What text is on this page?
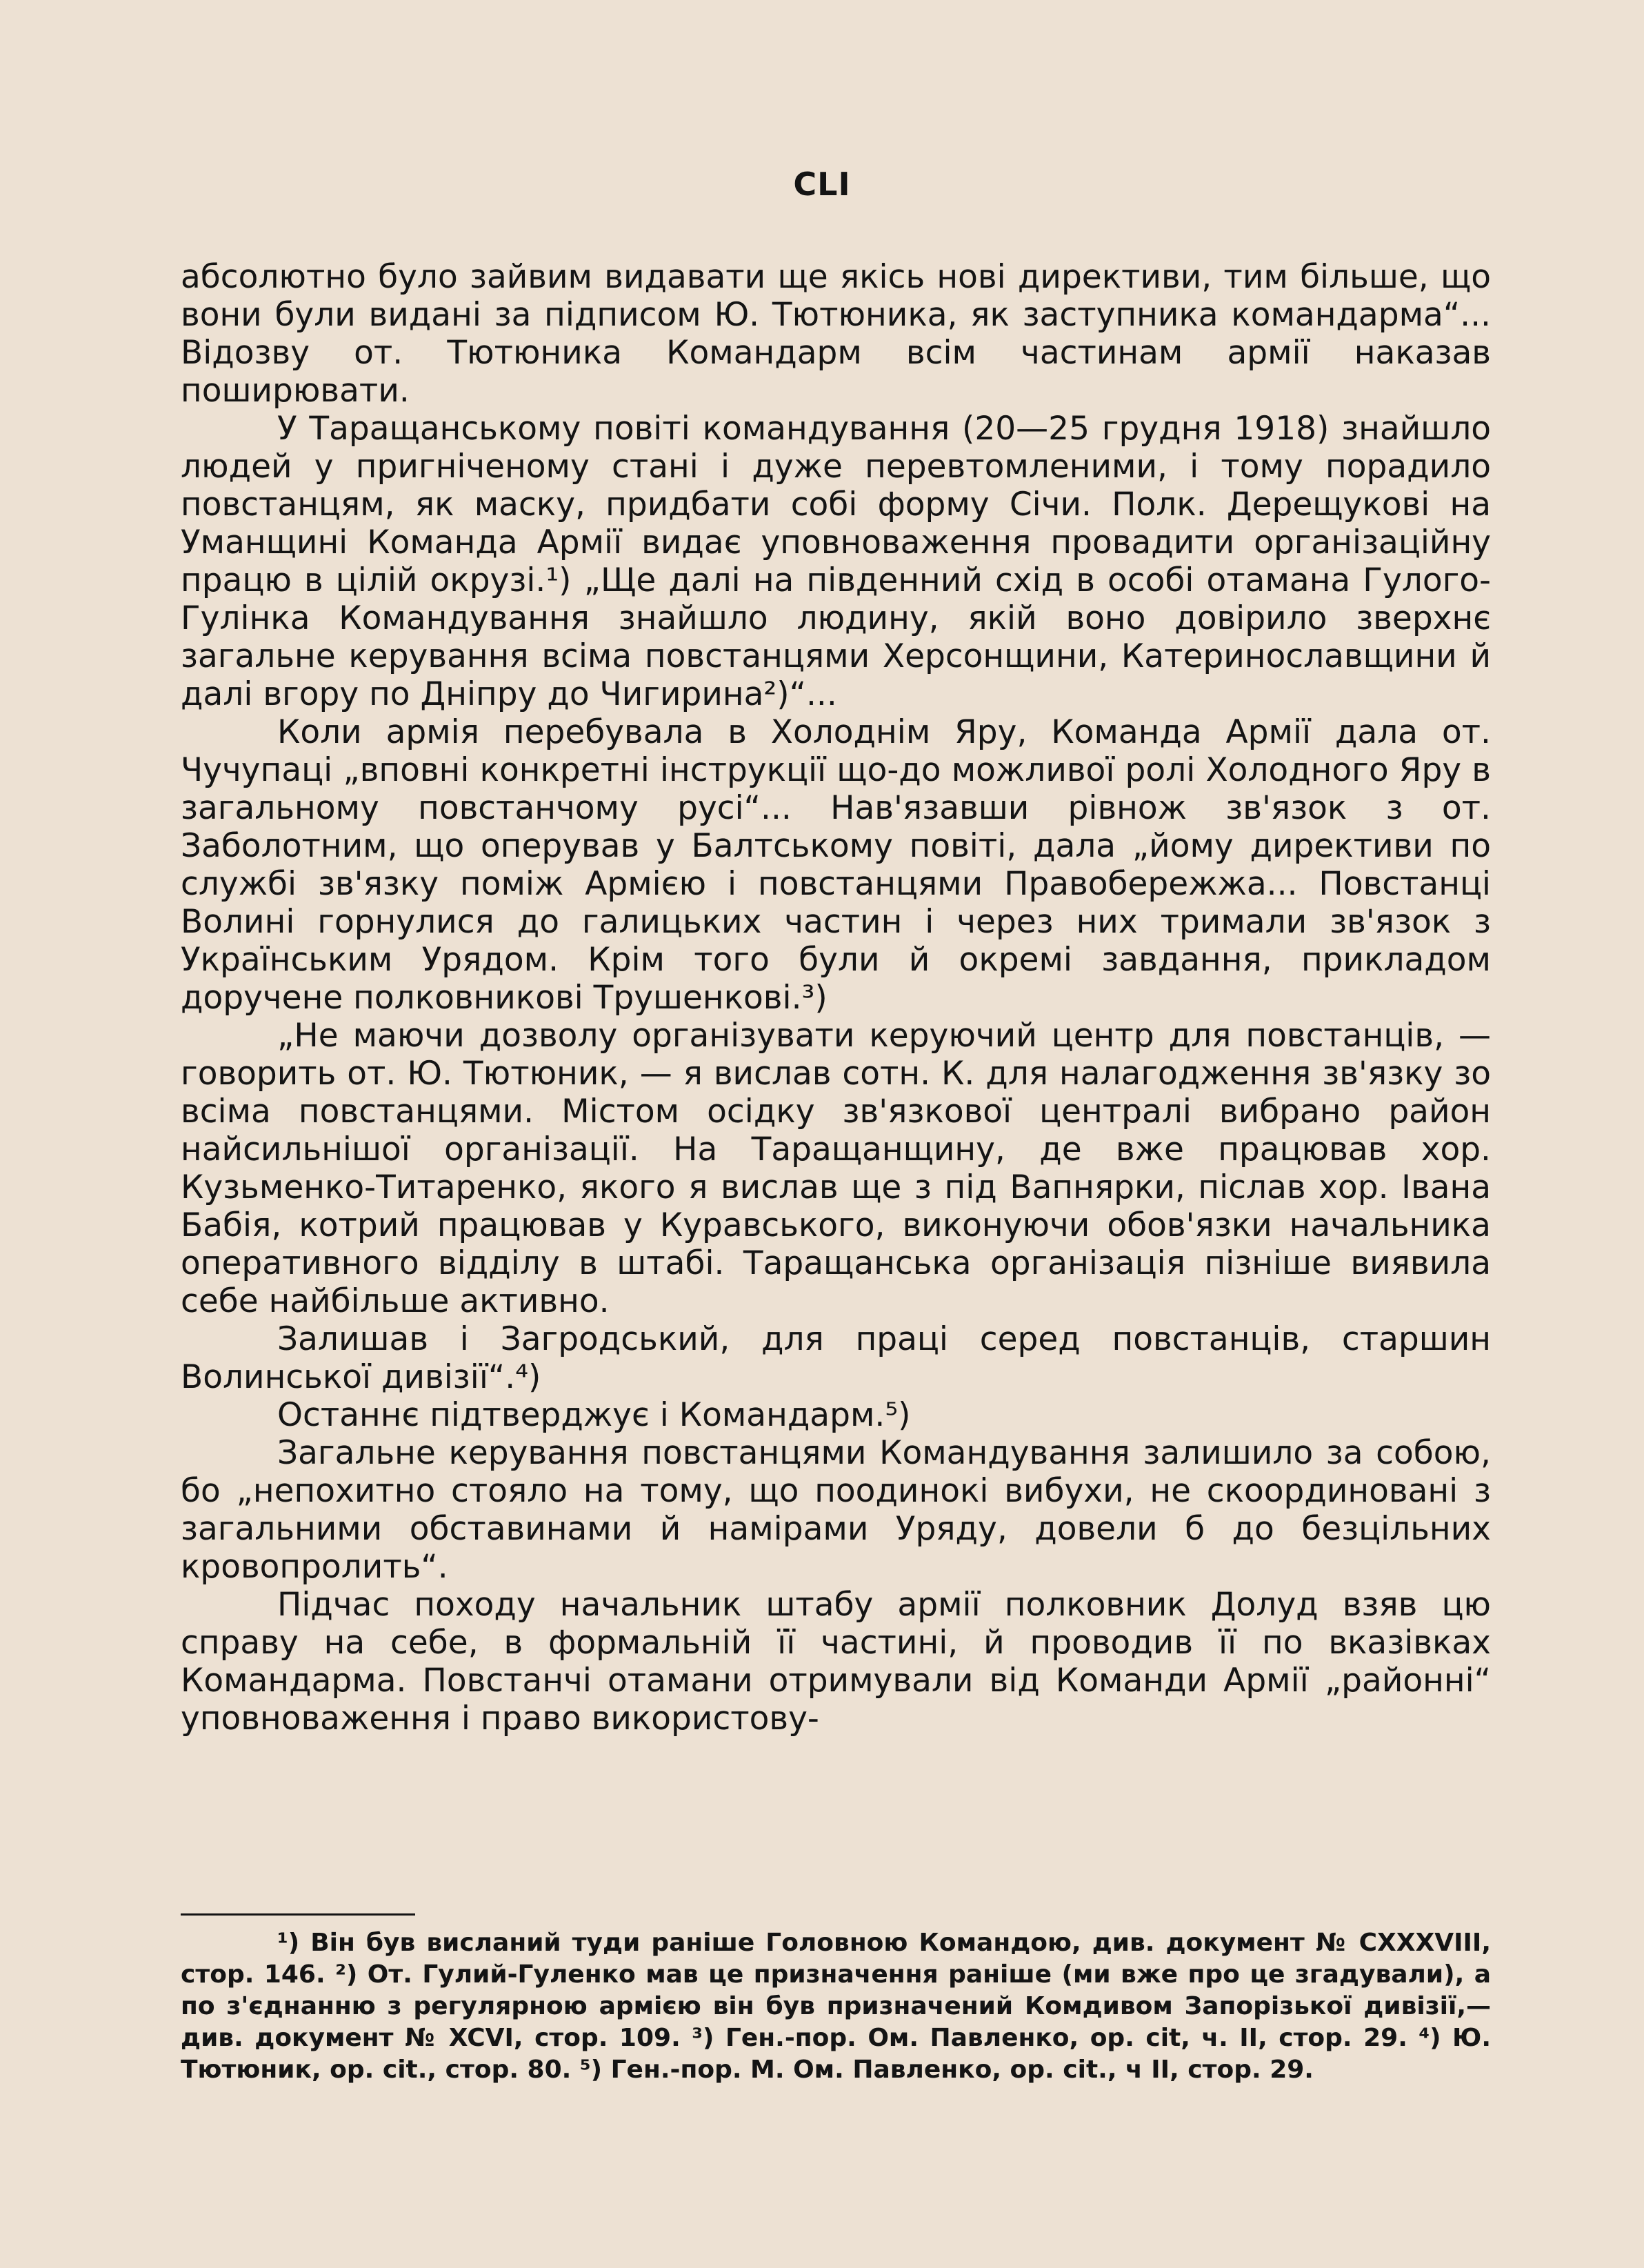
CLI

абсолютно було зайвим видавати ще якісь нові директиви, тим більше, що вони були видані за підписом Ю. Тютюника, як заступника командарма“... Відозву от. Тютюника Командарм всім частинам армії наказав поширювати.

У Таращанському повіті командування (20—25 грудня 1918) знайшло людей у пригніченому стані і дуже перевтомленими, і тому порадило повстанцям, як маску, придбати собі форму Січи. Полк. Дерещукові на Уманщині Команда Армії видає уповноваження провадити організаційну працю в цілій окрузі.¹) „Ще далі на південний схід в особі отамана Гулого-Гулінка Командування знайшло людину, якій воно довірило зверхнє загальне керування всіма повстанцями Херсонщини, Катеринославщини й далі вгору по Дніпру до Чигирина²)“...

Коли армія перебувала в Холоднім Яру, Команда Армії дала от. Чучупаці „вповні конкретні інструкції що-до можливої ролі Холодного Яру в загальному повстанчому русі“... Нав'язавши рівнож зв'язок з от. Заболотним, що оперував у Балтському повіті, дала „йому директиви по службі зв'язку поміж Армією і повстанцями Правобережжа... Повстанці Волині горнулися до галицьких частин і через них тримали зв'язок з Українським Урядом. Крім того були й окремі завдання, прикладом доручене полковникові Трушенкові.³)

„Не маючи дозволу організувати керуючий центр для повстанців, — говорить от. Ю. Тютюник, — я вислав сотн. К. для налагодження зв'язку зо всіма повстанцями. Містом осідку зв'язкової централі вибрано район найсильнішої організації. На Таращанщину, де вже працював хор. Кузьменко-Титаренко, якого я вислав ще з під Вапнярки, післав хор. Івана Бабія, котрий працював у Куравського, виконуючи обов'язки начальника оперативного відділу в штабі. Таращанська організація пізніше виявила себе найбільше активно.

Залишав і Загродський, для праці серед повстанців, старшин Волинської дивізії“.⁴)

Останнє підтверджує і Командарм.⁵)

Загальне керування повстанцями Командування залишило за собою, бо „непохитно стояло на тому, що поодинокі вибухи, не скоординовані з загальними обставинами й намірами Уряду, довели б до безцільних кровопролить“.

Підчас походу начальник штабу армії полковник Долуд взяв цю справу на себе, в формальній її частині, й проводив її по вказівках Командарма. Повстанчі отамани отримували від Команди Армії „районні“ уповноваження і право використову-

¹) Він був висланий туди раніше Головною Командою, див. документ № CXXXVIII, стор. 146. ²) От. Гулий-Гуленко мав це призначення раніше (ми вже про це згадували), а по з'єднанню з регулярною армією він був призначений Комдивом Запорізької дивізії,— див. документ № XCVI, стор. 109. ³) Ген.-пор. Ом. Павленко, op. cit, ч. II, стор. 29. ⁴) Ю. Тютюник, op. cit., стор. 80. ⁵) Ген.-пор. М. Ом. Павленко, op. cit., ч II, стор. 29.
